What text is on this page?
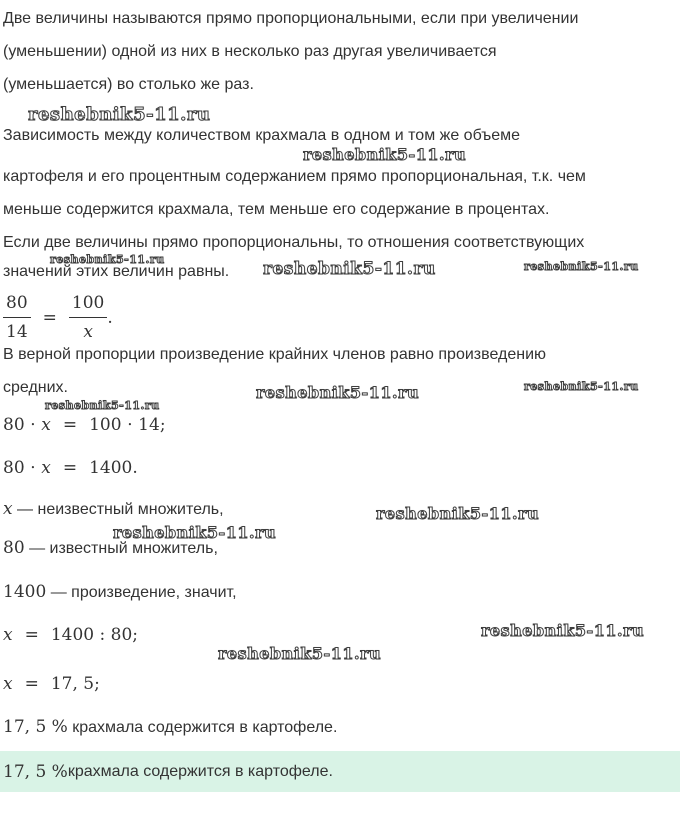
Две величины называются прямо пропорциональными, если при увеличении
(уменьшении) одной из них в несколько раз другая увеличивается
(уменьшается) во столько же раз.
Зависимость между количеством крахмала в одном и том же объеме
картофеля и его процентным содержанием прямо пропорциональная, т.к. чем
меньше содержится крахмала, тем меньше его содержание в процентах.
Если две величины прямо пропорциональны, то отношения соответствующих
значений этих величин равны.
$\frac{80}{14} = \frac{100}{x}$ .
В верной пропорции произведение крайних членов равно произведению
средних.
80 ⋅ x = 100 ⋅ 14;
80 ⋅ x = 1400.
x — неизвестный множитель,
80 — известный множитель,
1400 — произведение, значит,
x = 1400 : 80;
x = 17, 5;
17, 5 % крахмала содержится в картофеле.
17, 5 % крахмала содержится в картофеле.
reshebnik5-11.ru
reshebnik5-11.ru
reshebnik5-11.ru	reshebnik5-11.ru	reshebnik5-11.ru
reshebnik5-11.ru	reshebnik5-11.ru
reshebnik5-11.ru
reshebnik5-11.ru
reshebnik5-11.ru
reshebnik5-11.ru
reshebnik5-11.ru
